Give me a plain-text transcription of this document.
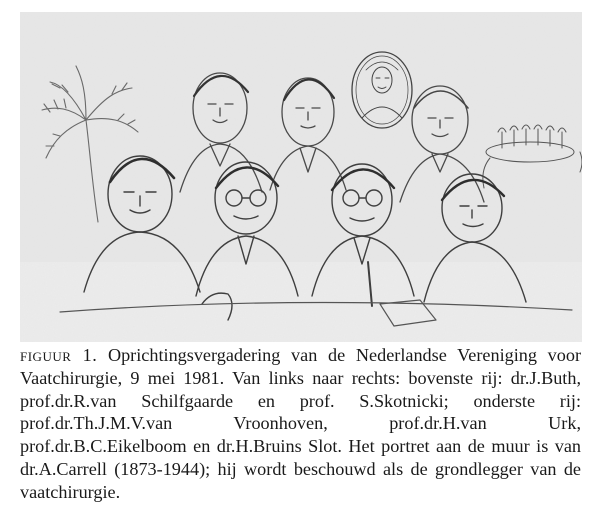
figuur 1. Oprichtingsvergadering van de Nederlandse Vereniging voor Vaatchirurgie, 9 mei 1981. Van links naar rechts: bovenste rij: dr.J.Buth, prof.dr.R.van Schilfgaarde en prof. S.Skotnicki; onderste rij: prof.dr.Th.J.M.V.van Vroonhoven, prof.dr.H.van Urk, prof.dr.B.C.Eikelboom en dr.H.Bruins Slot. Het portret aan de muur is van dr.A.Carrell (1873-1944); hij wordt beschouwd als de grondlegger van de vaatchirurgie.
